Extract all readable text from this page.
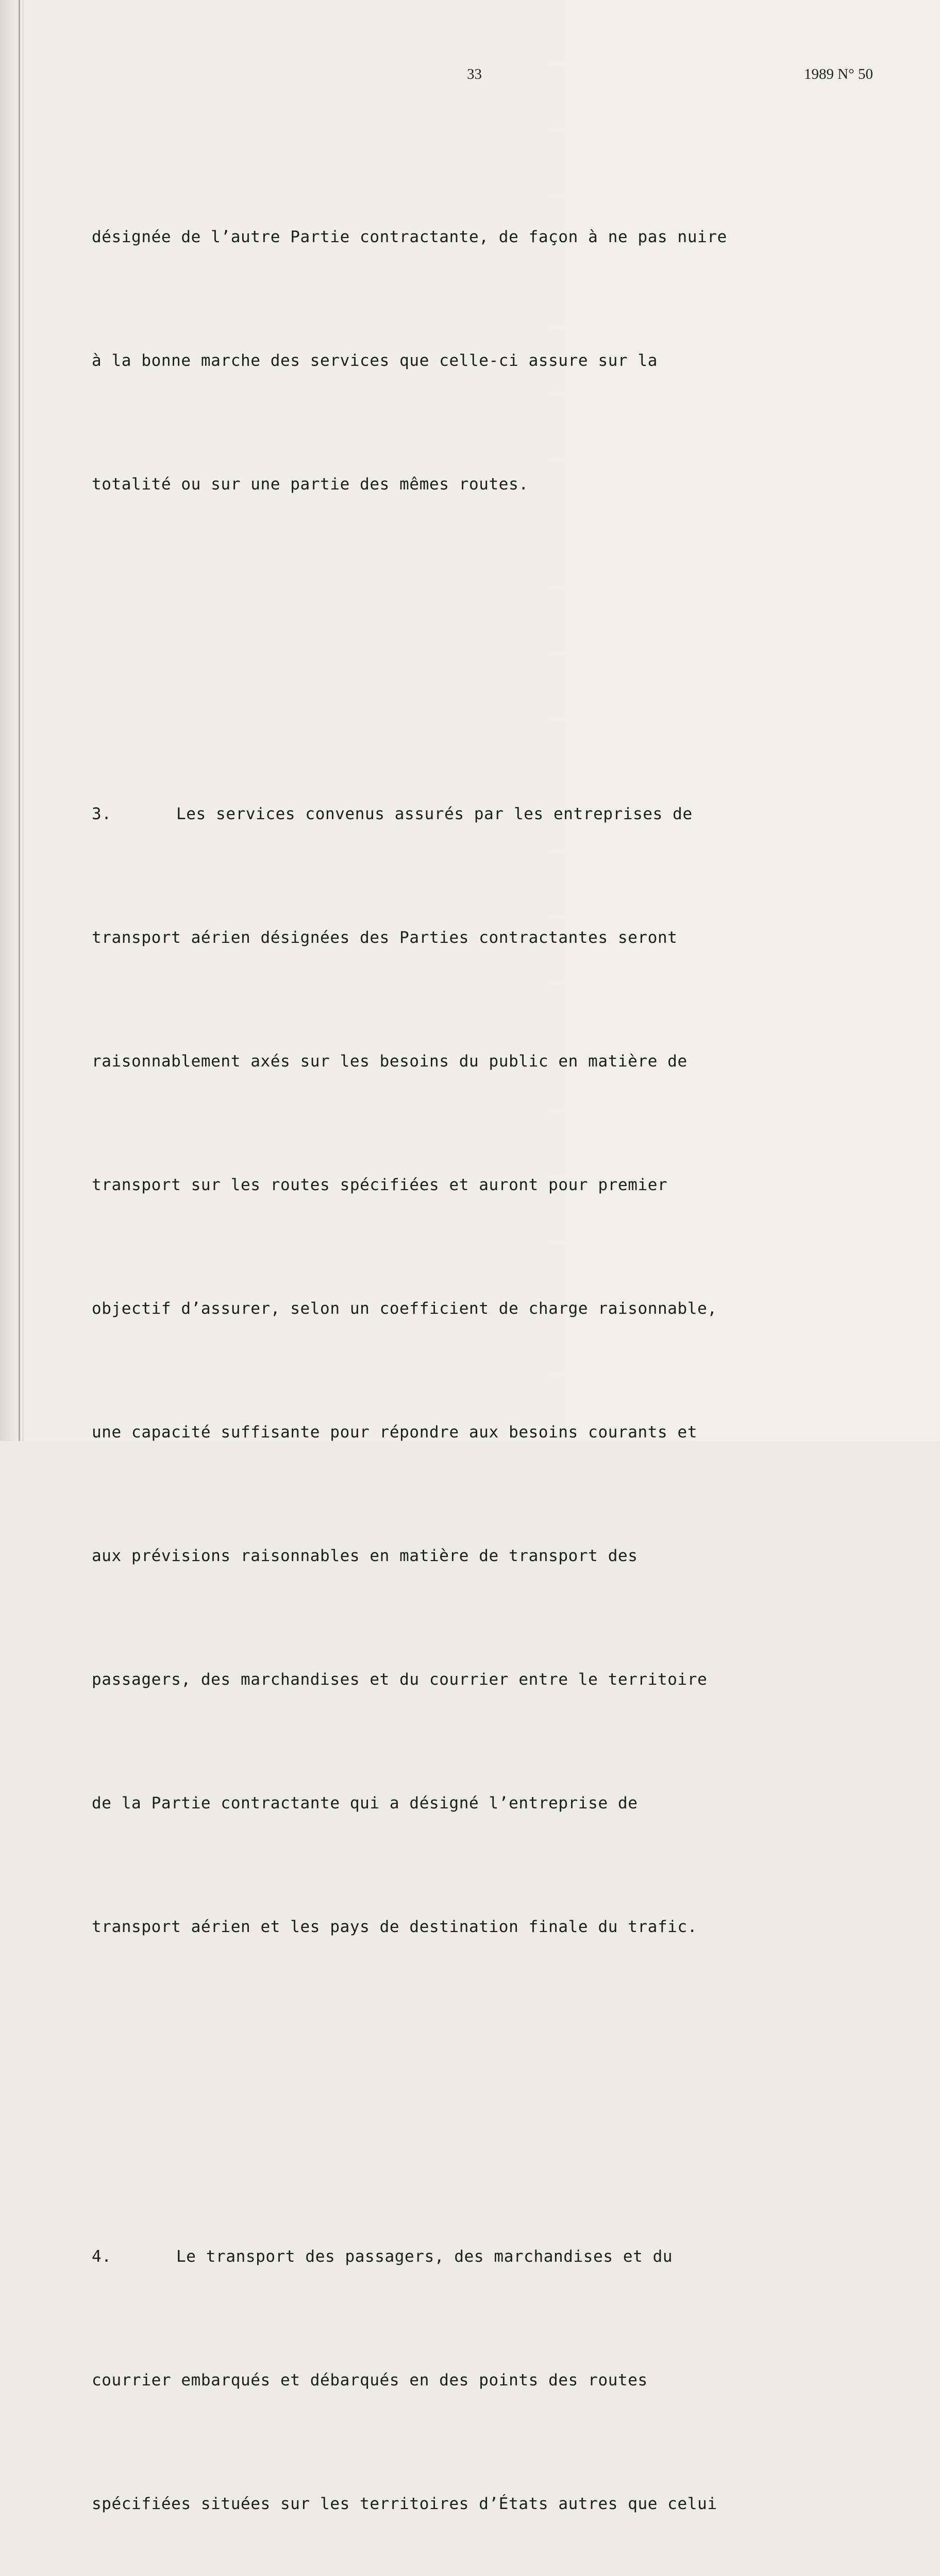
33	1989 N° 50

désignée de l’autre Partie contractante, de façon à ne pas nuire

à la bonne marche des services que celle-ci assure sur la

totalité ou sur une partie des mêmes routes.

3.	Les services convenus assurés par les entreprises de

transport aérien désignées des Parties contractantes seront

raisonnablement axés sur les besoins du public en matière de

transport sur les routes spécifiées et auront pour premier

objectif d’assurer, selon un coefficient de charge raisonnable,

une capacité suffisante pour répondre aux besoins courants et

aux prévisions raisonnables en matière de transport des

passagers, des marchandises et du courrier entre le territoire

de la Partie contractante qui a désigné l’entreprise de

transport aérien et les pays de destination finale du trafic.

4.	Le transport des passagers, des marchandises et du

courrier embarqués et débarqués en des points des routes

spécifiées situées sur les territoires d’États autres que celui
